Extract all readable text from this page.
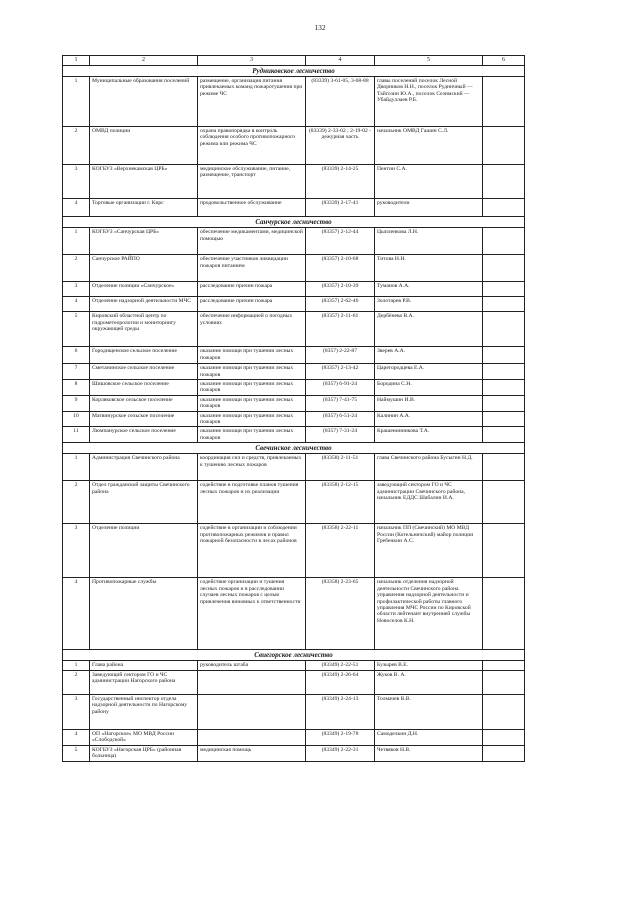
132
1	2	3	4	5	6
Рудниковское лесничество					
1	Муниципальные образования поселений	размещение, организация питания привлекаемых команд пожаротушения при режиме ЧС	(83339) 3-61-05, 3-68-88	главы поселений поселок Лесной Дворников Н.Н., поселок Рудничный — Тайгозин Ю.А., поселок Сезимский — Убайдуллаев Р.Б.	
2	ОМВД полиции	охрана правопорядка в контроль соблюдения особого противопожарного режима или режима ЧС	(83339) 2-33-02 ; 2-19-02 - дежурная часть	начальник ОМВД Гашин С.Л.	
3	КОГБУЗ «Верхнекамская ЦРБ»	медицинское обслуживание, питание, размещение, транспорт	(83339) 2-14-25	Пентин С.А.	
4	Торговые организации г. Кирс	продовольственное обслуживание	(83339) 2-17-41	руководители	
Санчурское лесничество					
1	КОГБУЗ «Санчурская ЦРБ»	обеспечение медикаментами, медицинской помощью	(83357) 2-12-44	Цыпленкова Л.Н.	
2	Санчурское РАЙПО	обеспечение участников ликвидации пожаров питанием	(83357) 2-10-68	Титова Н.Н.	
3	Отделение полиции «Санчурское»	расследование причин пожара	(83357) 2-10-39	Туманов А.А.	
4	Отделение надзорной деятельности МЧС	расследование причин пожара	(83357) 2-62-46	Золотарев Р.В.	
5	Кировский областной центр по гидрометеорологии и мониторингу окружающей среды	обеспечение информацией о погодных условиях	(83357) 2-11-61	Дербёнева В.А.	
6	Городищенское сельское поселение	оказание помощи при тушении лесных пожаров	(8357) 2-22-87	Зверев А.А.	
7	Сметанинское сельское поселение	оказание помощи при тушении лесных пожаров	(83357) 2-13-42	Царегородцева Е.А.	
8	Шишовское сельское поселение	оказание помощи при тушении лесных пожаров	(8357) 6-91-24	Бородина С.Н.	
9	Корляковское сельское поселение	оказание помощи при тушении лесных пожаров	(8357) 7-41-75	Наймушин И.В.	
10	Матвинурское сельское поселение	оказание помощи при тушении лесных пожаров	(8357) 6-51-24	Калинин А.А.	
11	Люмпанурское сельское поселение	оказание помощи при тушении лесных пожаров	(8357) 7-31-24	Крашенинникова Т.А.	
Свечинское лесничество					
1	Администрация Свечинского района	координация сил и средств, привлекаемых к тушению лесных пожаров	(83358) 2-11-51	глава Свечинского района Бусыгин Н.Д.	
2	Отдел гражданской защиты Свечинского района	содействие в подготовке планов тушения лесных пожаров и их реализации	(83358) 2-12-15	заведующий сектором ГО и ЧС администрации Свечинского района, начальник ЕДДС Шабалин И.А.	
3	Отделение полиции	содействие в организации и соблюдении противопожарных режимов и правил пожарной безопасности в лесах районов	(83358) 2-22-11	начальник ПП (Свечинский) МО МВД России (Котельничский) майор полиции Гребенкин А.С.	
4	Противопожарные службы	содействие организации и тушения лесных пожаров и в расследовании случаев лесных пожаров с целью привлечения виновных к ответственности	(83358) 2-23-65	начальник отделения надзорной деятельности Свечинского района управления надзорной деятельности и профилактической работы главного управления МЧС России по Кировской области лейтенант внутренней службы Новоселов К.Н.	
Свиегорское лесничество					
1	Глава района	руководитель штаба	(83349) 2-22-51	Бузырев В.Е.	
2	Заведующий сектором ГО и ЧС администрации Нагорского района		(83349) 2-26-64	Жуков В. А.	
3	Государственный инспектор отдела надзорной деятельности по Нагорскому району		(83349) 2-24-13	Толмачев В.В.	
4	ОП «Нагорское» МО МВД России «Слободской»		(83349) 2-19-78	Самоделкин Д.Н.	
5	КОГБУЗ «Нагорская ЦРБ» (районная больница)	медицинская помощь	(83349) 2-22-31	Четвяков Н.В.	
